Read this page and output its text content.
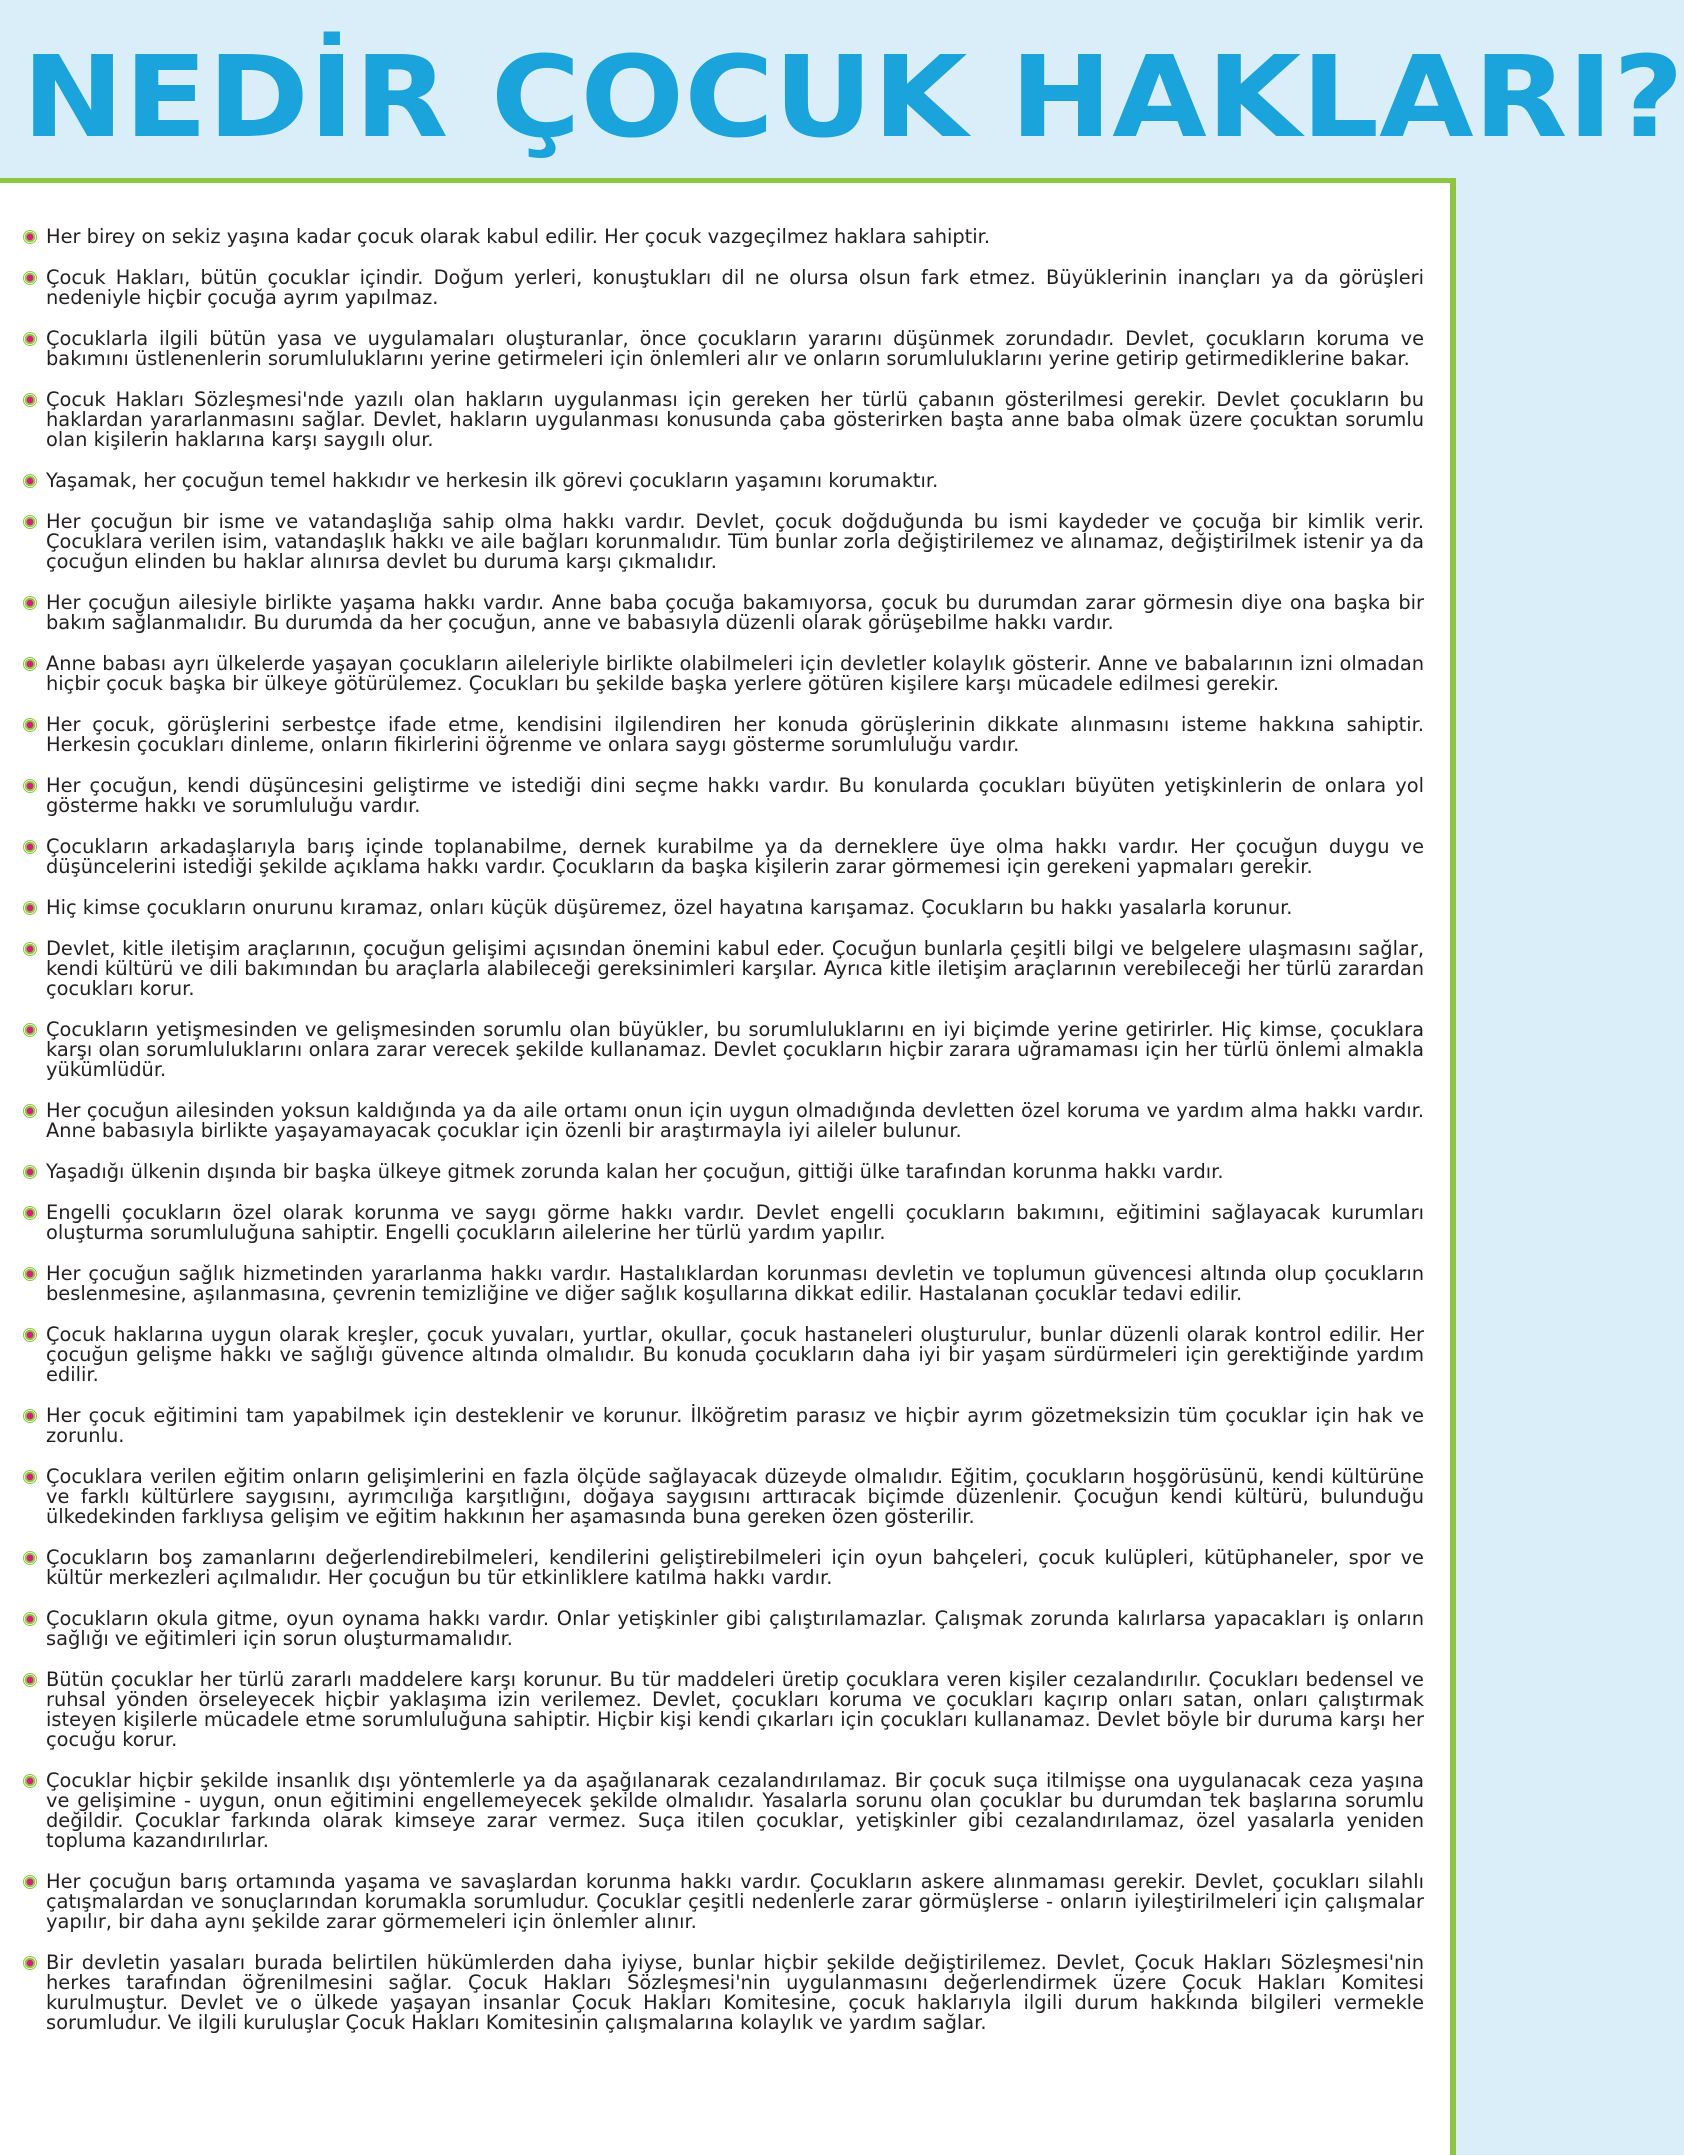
NEDİR ÇOCUK HAKLARI?
Her birey on sekiz yaşına kadar çocuk olarak kabul edilir. Her çocuk vazgeçilmez haklara sahiptir.
Çocuk Hakları, bütün çocuklar içindir. Doğum yerleri, konuştukları dil ne olursa olsun fark etmez. Büyüklerinin inançları ya da görüşleri nedeniyle hiçbir çocuğa ayrım yapılmaz.
Çocuklarla ilgili bütün yasa ve uygulamaları oluşturanlar, önce çocukların yararını düşünmek zorundadır. Devlet, çocukların koruma ve bakımını üstlenenlerin sorumluluklarını yerine getirmeleri için önlemleri alır ve onların sorumluluklarını yerine getirip getirmediklerine bakar.
Çocuk Hakları Sözleşmesi'nde yazılı olan hakların uygulanması için gereken her türlü çabanın gösterilmesi gerekir. Devlet çocukların bu haklardan yararlanmasını sağlar. Devlet, hakların uygulanması konusunda çaba gösterirken başta anne baba olmak üzere çocuktan sorumlu olan kişilerin haklarına karşı saygılı olur.
Yaşamak, her çocuğun temel hakkıdır ve herkesin ilk görevi çocukların yaşamını korumaktır.
Her çocuğun bir isme ve vatandaşlığa sahip olma hakkı vardır. Devlet, çocuk doğduğunda bu ismi kaydeder ve çocuğa bir kimlik verir. Çocuklara verilen isim, vatandaşlık hakkı ve aile bağları korunmalıdır. Tüm bunlar zorla değiştirilemez ve alınamaz, değiştirilmek istenir ya da çocuğun elinden bu haklar alınırsa devlet bu duruma karşı çıkmalıdır.
Her çocuğun ailesiyle birlikte yaşama hakkı vardır. Anne baba çocuğa bakamıyorsa, çocuk bu durumdan zarar görmesin diye ona başka bir bakım sağlanmalıdır. Bu durumda da her çocuğun, anne ve babasıyla düzenli olarak görüşebilme hakkı vardır.
Anne babası ayrı ülkelerde yaşayan çocukların aileleriyle birlikte olabilmeleri için devletler kolaylık gösterir. Anne ve babalarının izni olmadan hiçbir çocuk başka bir ülkeye götürülemez. Çocukları bu şekilde başka yerlere götüren kişilere karşı mücadele edilmesi gerekir.
Her çocuk, görüşlerini serbestçe ifade etme, kendisini ilgilendiren her konuda görüşlerinin dikkate alınmasını isteme hakkına sahiptir. Herkesin çocukları dinleme, onların fikirlerini öğrenme ve onlara saygı gösterme sorumluluğu vardır.
Her çocuğun, kendi düşüncesini geliştirme ve istediği dini seçme hakkı vardır. Bu konularda çocukları büyüten yetişkinlerin de onlara yol gösterme hakkı ve sorumluluğu vardır.
Çocukların arkadaşlarıyla barış içinde toplanabilme, dernek kurabilme ya da derneklere üye olma hakkı vardır. Her çocuğun duygu ve düşüncelerini istediği şekilde açıklama hakkı vardır. Çocukların da başka kişilerin zarar görmemesi için gerekeni yapmaları gerekir.
Hiç kimse çocukların onurunu kıramaz, onları küçük düşüremez, özel hayatına karışamaz. Çocukların bu hakkı yasalarla korunur.
Devlet, kitle iletişim araçlarının, çocuğun gelişimi açısından önemini kabul eder. Çocuğun bunlarla çeşitli bilgi ve belgelere ulaşmasını sağlar, kendi kültürü ve dili bakımından bu araçlarla alabileceği gereksinimleri karşılar. Ayrıca kitle iletişim araçlarının verebileceği her türlü zarardan çocukları korur.
Çocukların yetişmesinden ve gelişmesinden sorumlu olan büyükler, bu sorumluluklarını en iyi biçimde yerine getirirler. Hiç kimse, çocuklara karşı olan sorumluluklarını onlara zarar verecek şekilde kullanamaz. Devlet çocukların hiçbir zarara uğramaması için her türlü önlemi almakla yükümlüdür.
Her çocuğun ailesinden yoksun kaldığında ya da aile ortamı onun için uygun olmadığında devletten özel koruma ve yardım alma hakkı vardır. Anne babasıyla birlikte yaşayamayacak çocuklar için özenli bir araştırmayla iyi aileler bulunur.
Yaşadığı ülkenin dışında bir başka ülkeye gitmek zorunda kalan her çocuğun, gittiği ülke tarafından korunma hakkı vardır.
Engelli çocukların özel olarak korunma ve saygı görme hakkı vardır. Devlet engelli çocukların bakımını, eğitimini sağlayacak kurumları oluşturma sorumluluğuna sahiptir. Engelli çocukların ailelerine her türlü yardım yapılır.
Her çocuğun sağlık hizmetinden yararlanma hakkı vardır. Hastalıklardan korunması devletin ve toplumun güvencesi altında olup çocukların beslenmesine, aşılanmasına, çevrenin temizliğine ve diğer sağlık koşullarına dikkat edilir. Hastalanan çocuklar tedavi edilir.
Çocuk haklarına uygun olarak kreşler, çocuk yuvaları, yurtlar, okullar, çocuk hastaneleri oluşturulur, bunlar düzenli olarak kontrol edilir. Her çocuğun gelişme hakkı ve sağlığı güvence altında olmalıdır. Bu konuda çocukların daha iyi bir yaşam sürdürmeleri için gerektiğinde yardım edilir.
Her çocuk eğitimini tam yapabilmek için desteklenir ve korunur. İlköğretim parasız ve hiçbir ayrım gözetmeksizin tüm çocuklar için hak ve zorunlu.
Çocuklara verilen eğitim onların gelişimlerini en fazla ölçüde sağlayacak düzeyde olmalıdır. Eğitim, çocukların hoşgörüsünü, kendi kültürüne ve farklı kültürlere saygısını, ayrımcılığa karşıtlığını, doğaya saygısını arttıracak biçimde düzenlenir. Çocuğun kendi kültürü, bulunduğu ülkedekinden farklıysa gelişim ve eğitim hakkının her aşamasında buna gereken özen gösterilir.
Çocukların boş zamanlarını değerlendirebilmeleri, kendilerini geliştirebilmeleri için oyun bahçeleri, çocuk kulüpleri, kütüphaneler, spor ve kültür merkezleri açılmalıdır. Her çocuğun bu tür etkinliklere katılma hakkı vardır.
Çocukların okula gitme, oyun oynama hakkı vardır. Onlar yetişkinler gibi çalıştırılamazlar. Çalışmak zorunda kalırlarsa yapacakları iş onların sağlığı ve eğitimleri için sorun oluşturmamalıdır.
Bütün çocuklar her türlü zararlı maddelere karşı korunur. Bu tür maddeleri üretip çocuklara veren kişiler cezalandırılır. Çocukları bedensel ve ruhsal yönden örseleyecek hiçbir yaklaşıma izin verilemez. Devlet, çocukları koruma ve çocukları kaçırıp onları satan, onları çalıştırmak isteyen kişilerle mücadele etme sorumluluğuna sahiptir. Hiçbir kişi kendi çıkarları için çocukları kullanamaz. Devlet böyle bir duruma karşı her çocuğu korur.
Çocuklar hiçbir şekilde insanlık dışı yöntemlerle ya da aşağılanarak cezalandırılamaz. Bir çocuk suça itilmişse ona uygulanacak ceza yaşına ve gelişimine - uygun, onun eğitimini engellemeyecek şekilde olmalıdır. Yasalarla sorunu olan çocuklar bu durumdan tek başlarına sorumlu değildir. Çocuklar farkında olarak kimseye zarar vermez. Suça itilen çocuklar, yetişkinler gibi cezalandırılamaz, özel yasalarla yeniden topluma kazandırılırlar.
Her çocuğun barış ortamında yaşama ve savaşlardan korunma hakkı vardır. Çocukların askere alınmaması gerekir. Devlet, çocukları silahlı çatışmalardan ve sonuçlarından korumakla sorumludur. Çocuklar çeşitli nedenlerle zarar görmüşlerse - onların iyileştirilmeleri için çalışmalar yapılır, bir daha aynı şekilde zarar görmemeleri için önlemler alınır.
Bir devletin yasaları burada belirtilen hükümlerden daha iyiyse, bunlar hiçbir şekilde değiştirilemez. Devlet, Çocuk Hakları Sözleşmesi'nin herkes tarafından öğrenilmesini sağlar. Çocuk Hakları Sözleşmesi'nin uygulanmasını değerlendirmek üzere Çocuk Hakları Komitesi kurulmuştur. Devlet ve o ülkede yaşayan insanlar Çocuk Hakları Komitesine, çocuk haklarıyla ilgili durum hakkında bilgileri vermekle sorumludur. Ve ilgili kuruluşlar Çocuk Hakları Komitesinin çalışmalarına kolaylık ve yardım sağlar.
